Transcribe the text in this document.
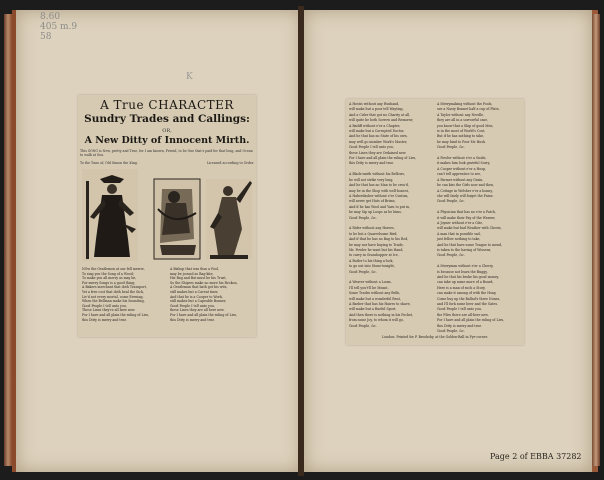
8.60
405 m.9
58
K
A True CHARACTER
Sundry Trades and Callings:
OR,
A New Ditty of Innocent Mirth.
This SONG is New, pretty and True, for I am known, Friend, to be One that's paid for that long, and Ocean to walk at Sea.
To the Tune of, Old Simon the King.	Licensed according to Order.
NOw the Gentlemen at our fell merrie,
To sing you the Song of a Wood;
To make you all merry as may be,
For merry Songs is a good thing;
A Bakers merchant that doth Transport,
Yet a free cost that doth heal the Sick,
Liv'd not every mortal, come Evening,
When the Bellman make his Sounding,
Good People I tell unto you,
These Lines they're all here new.
For I have and all plain the ruling of Lies,
this Ditty is merry and true.
A Bishop that was thus a Fool,
may be jocund as Bag-kite,
His Bag and Bat must be his Trust,
So the Shipers make no more his Reckon,
A Gentleman that hath got his wits,
still makes but a Caveat tiner,
And that he is a Cooper to Work,
still makes but a Capeable Bonner,
Good People I tell unto you,
these Lines they are all here new.
For I have and all plain the ruling of Lies,
this Ditty is merry and true.
A Hostis without any Husband,
will make but a poor tell Wayting,
And a Cider that got no Charity at all,
will quite be both Sorrow and Remorse;
A Bailiff without e'er a Chapter,
will make but a Corrupted Doctor,
And he that has no State of his own,
may well go number Work's Master,
Good People I tell unto you,
these Lines they are Ordained new.
For I have and all plain the ruling of Lies,
this Ditty is merry and true.

A Black-smith without his Bellows,
he will not strike very long,
And he that has no Man to be crea'd,
may be in the Shop with well-honest,
A Haberdasher without e'er Custom,
will never get Hats of Brims,
And if he has Wool and Yarn to put in,
he may Sip up Loops as he hims.
Good People, &c.

A Rider without any Horses,
to be but a Quarrelsome Bird,
And if that he has no Bag to his Rod,
he may nor have buying to Trade;
Mr. Fowler he want but his Hand,
to carry in Grasshopper at Ice,
A Butler to his thing a-lock,
to go out into Stone-tonight,
Good People, &c.

A Weaver without a Loom,
I'll tell you't'll be Meant,
Some Trades without any Bells,
will make but a wonderful Rent,
A Barber that has his Haires to shave,
will make but a Rueful Sport,
And then there is nothing in his Pocket,
from some Joy, to whom it will go,
Good People, &c.
A Merrymaking without the Fools,
see a Nasty Bonnet half a cup of Plate,
A Taylor without any Needle,
they are all in a sorrowful case,
you know that a Ship of good Men,
is in the most of World's Cost,
But if he has nothing to take,
he may bind to Poor Mr. Bush.
Good People, &c.

A Fowler without e'er a Guide,
it makes him look grateful Sorry,
A Cooper without e'er a Hoop,
can't tell apprentice to see,
A Farmer without any Grain,
he can kiss the Girls now and then,
A Cottage in Welsher e'er a bonny,
she will fairly will forget the Paine.
Good People, &c.

A Physician that has no e'er a Patch,
it will make their Pay of the Weaver,
A Joyner without e'er a Gite,
will make but bad Weather with Chests,
A man that in possible sad,
just fellow nothing to take,
And he that have some Tongue to mend,
is taken to the having of Wissens,
Good People, &c.

A Merryman without e'er a Cherry,
is because not learn the Buggy,
And he that his broke his good money,
can take up some more of a Board,
Here is a man of such a Story,
can make it among of with the Hony,
Come buy up the Ballad's three Nones,
and I'll fork some beer and the Gates.
Good People I tell unto you,
the Files there are all-here new.
For I have and all plain the ruling of Lies,
this Ditty is merry and true.
Good People, &c.
London: Printed for P. Brooksby, at the Golden-Ball in Pye-corner.
Page 2 of EBBA 37282
